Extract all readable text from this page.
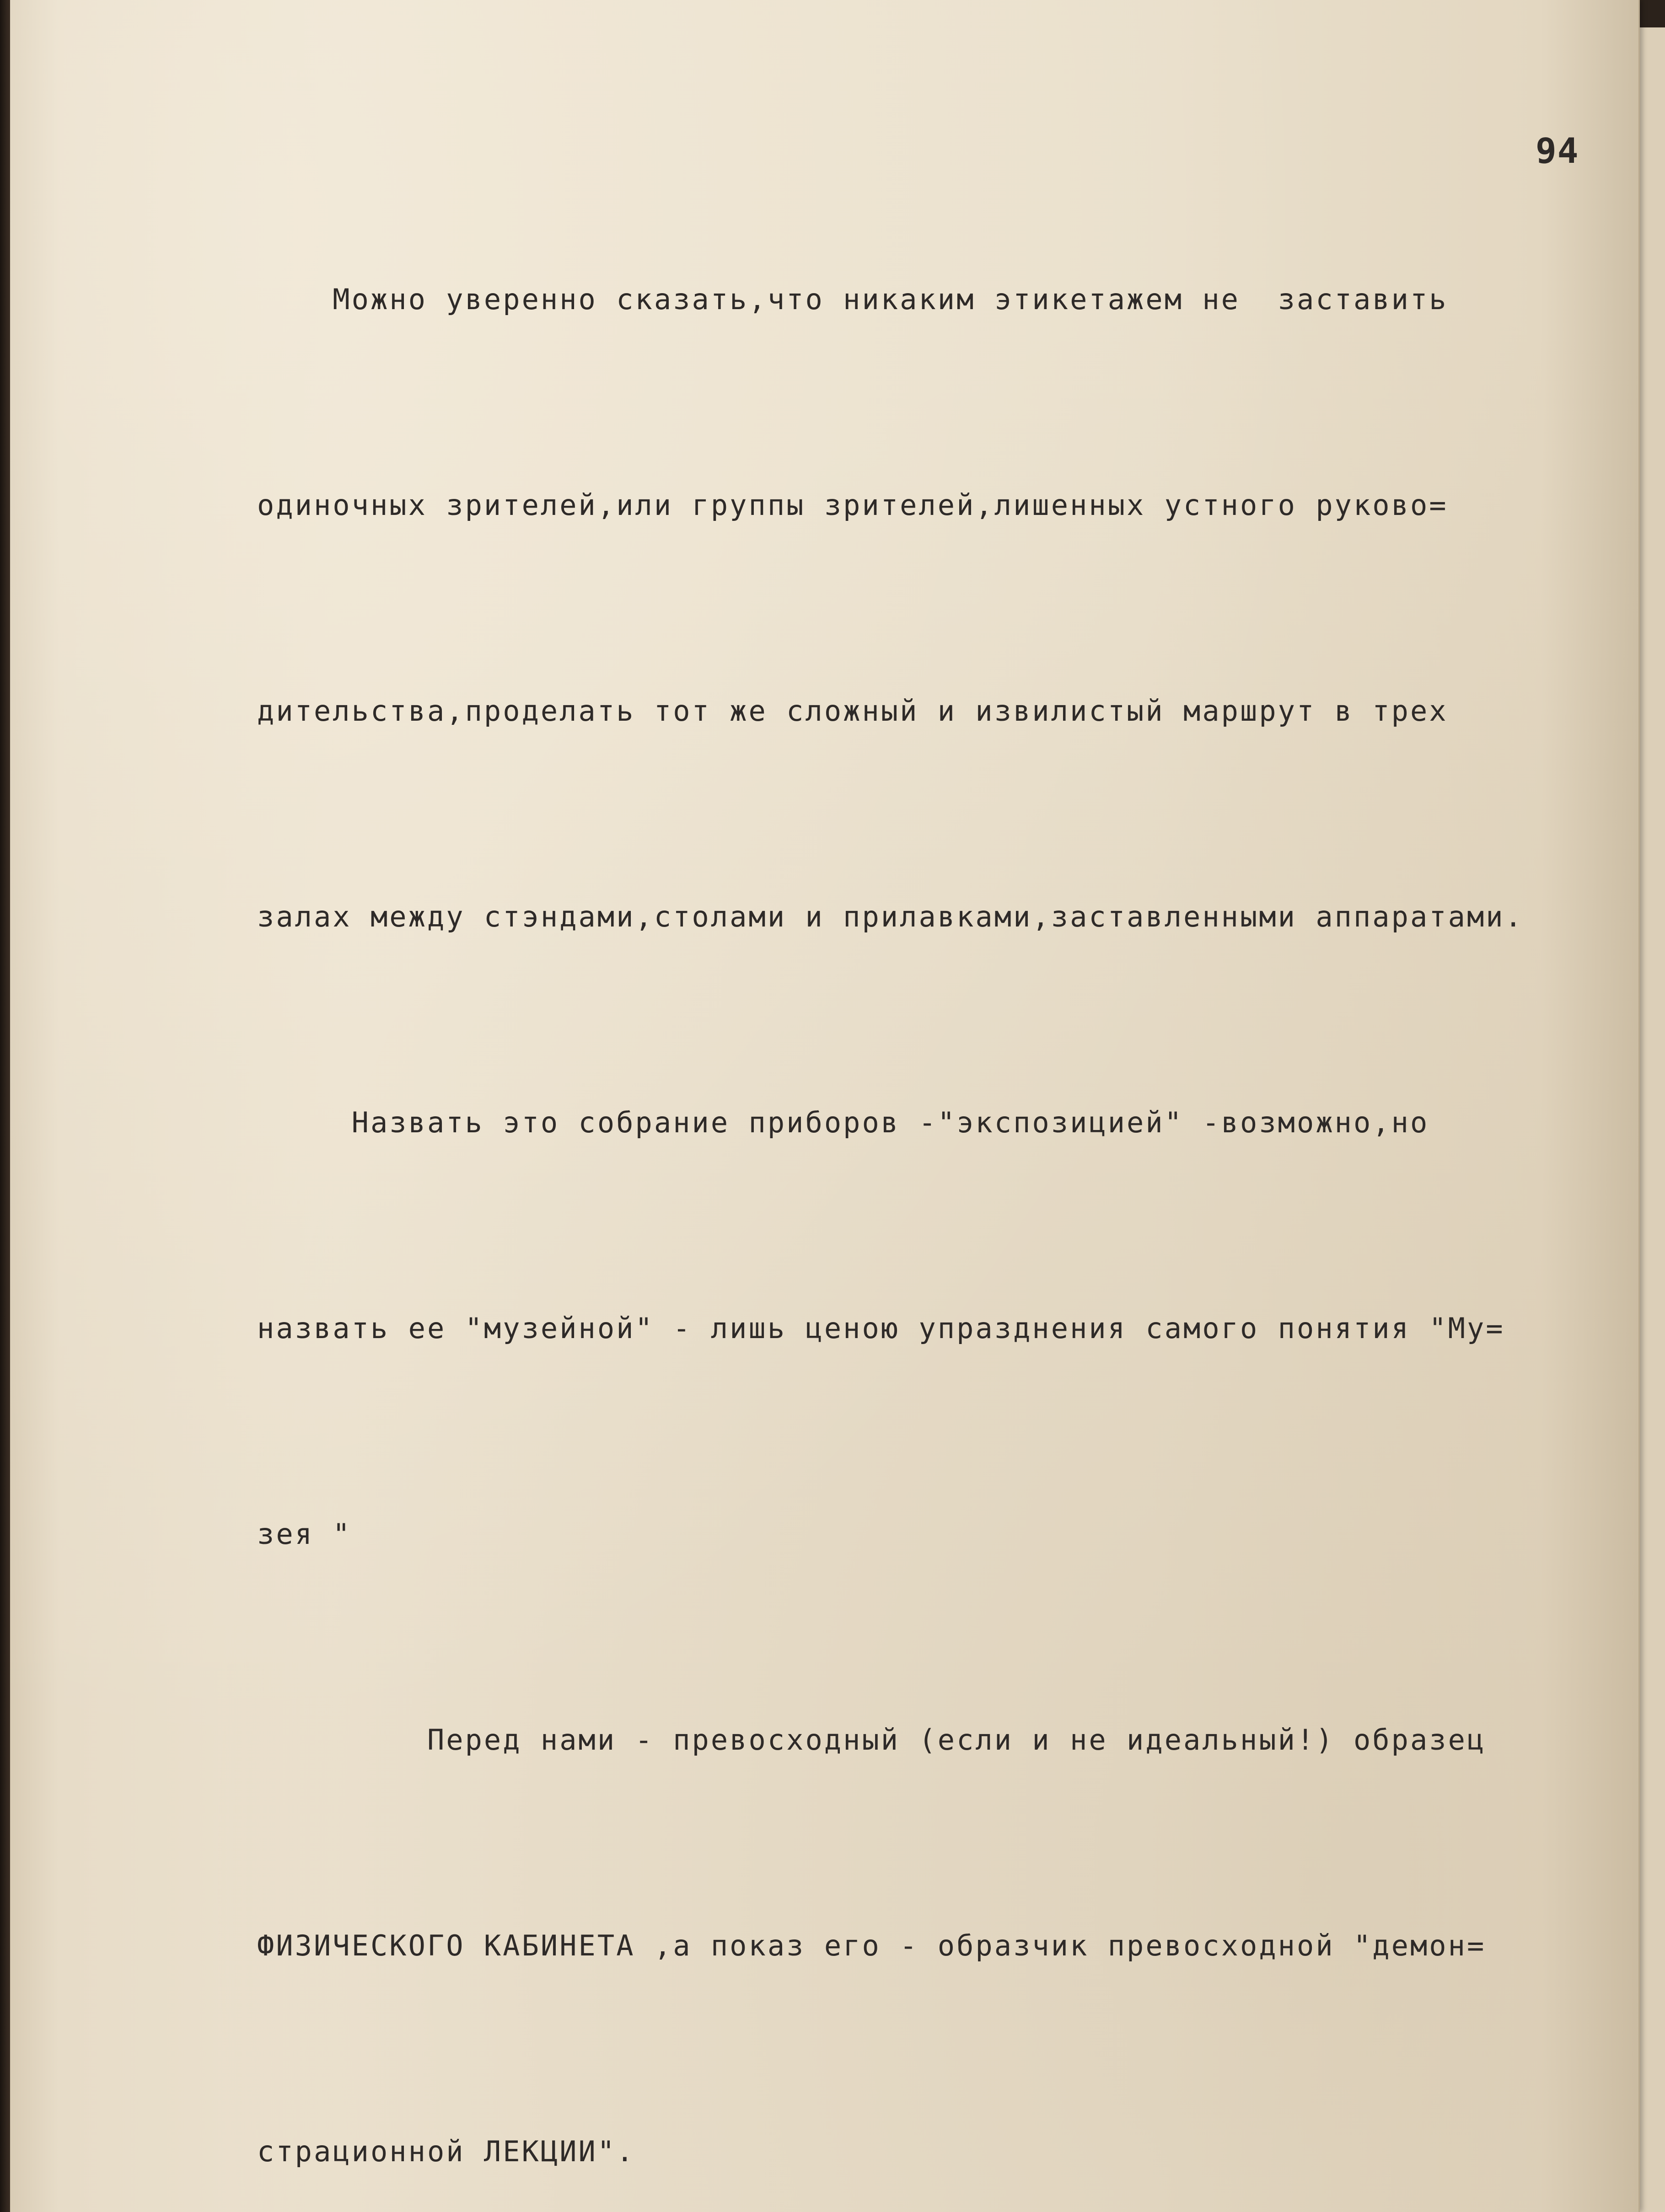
94

Можно уверенно сказать,что никаким этикетажем не  заставить

одиночных зрителей,или группы зрителей,лишенных устного руково=

дительства,проделать тот же сложный и извилистый маршрут в трех

залах между стэндами,столами и прилавками,заставленными аппаратами.

Назвать это собрание приборов -"экспозицией" -возможно,но

назвать ее "музейной" - лишь ценою упразднения самого понятия "Му=

зея "

Перед нами - превосходный (если и не идеальный!) образец

ФИЗИЧЕСКОГО КАБИНЕТА ,а показ его - образчик превосходной "демон=

страционной ЛЕКЦИИ".
